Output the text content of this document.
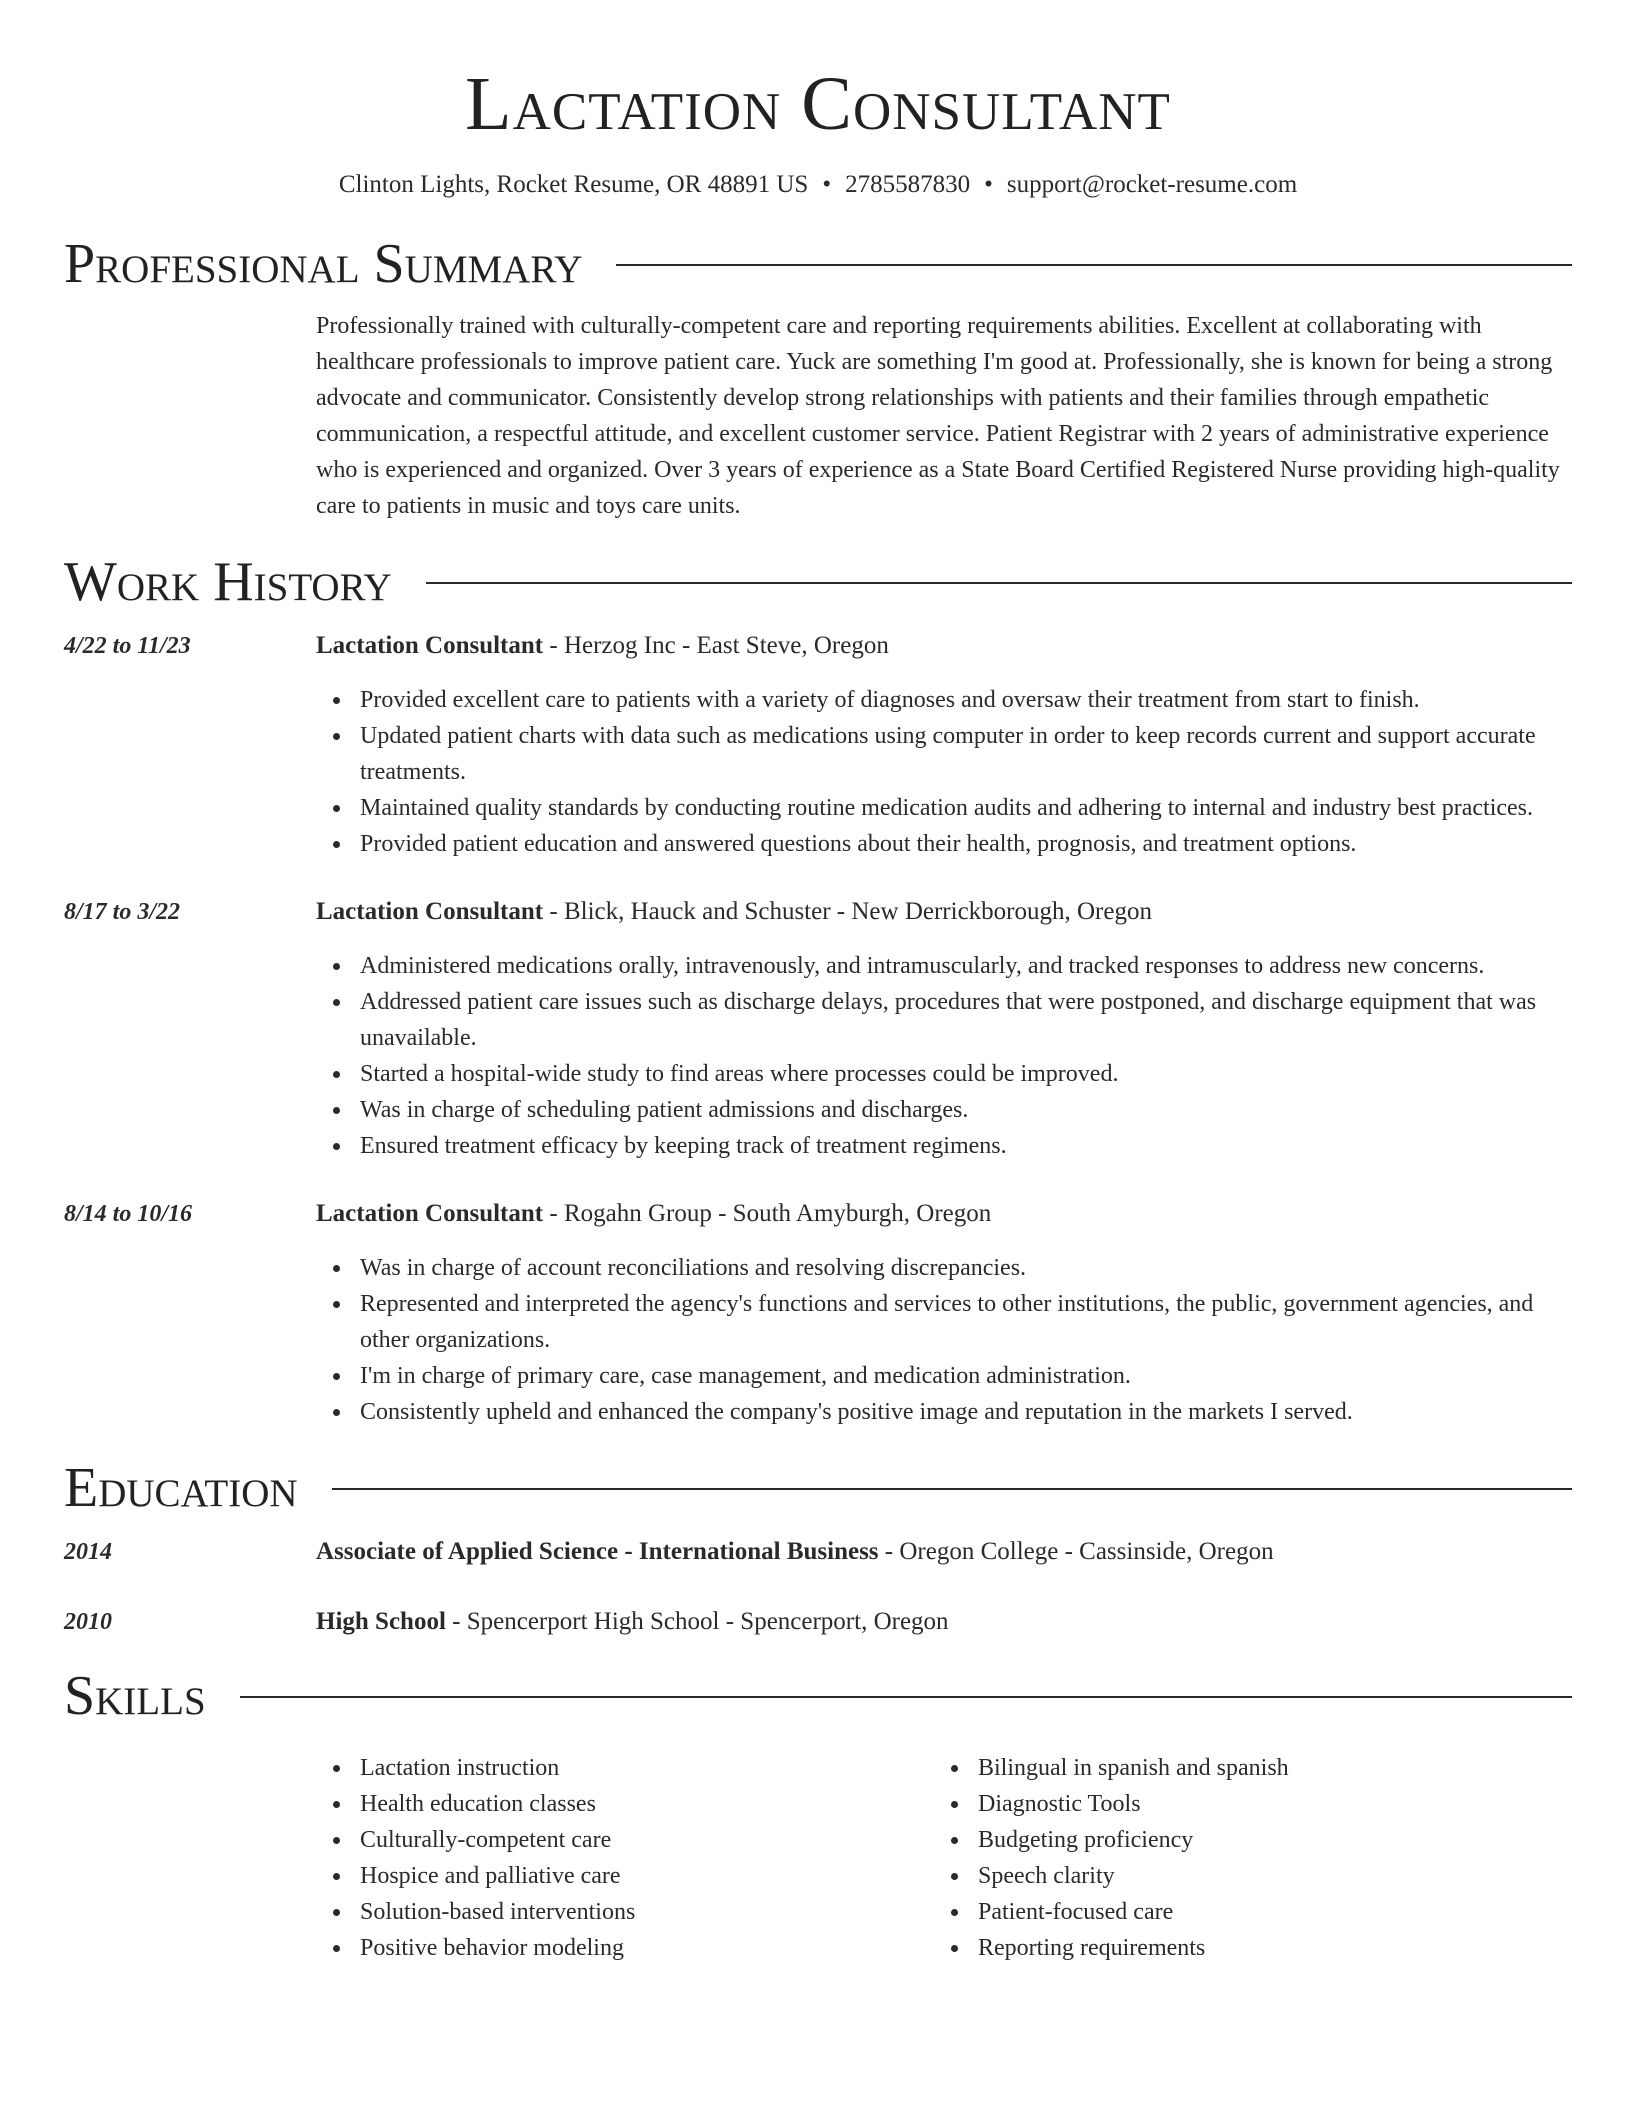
Lactation Consultant
Clinton Lights, Rocket Resume, OR 48891 US • 2785587830 • support@rocket-resume.com
Professional Summary
Professionally trained with culturally-competent care and reporting requirements abilities. Excellent at collaborating with healthcare professionals to improve patient care. Yuck are something I'm good at. Professionally, she is known for being a strong advocate and communicator. Consistently develop strong relationships with patients and their families through empathetic communication, a respectful attitude, and excellent customer service. Patient Registrar with 2 years of administrative experience who is experienced and organized. Over 3 years of experience as a State Board Certified Registered Nurse providing high-quality care to patients in music and toys care units.
Work History
4/22 to 11/23	Lactation Consultant - Herzog Inc - East Steve, Oregon
Provided excellent care to patients with a variety of diagnoses and oversaw their treatment from start to finish.
Updated patient charts with data such as medications using computer in order to keep records current and support accurate treatments.
Maintained quality standards by conducting routine medication audits and adhering to internal and industry best practices.
Provided patient education and answered questions about their health, prognosis, and treatment options.
8/17 to 3/22	Lactation Consultant - Blick, Hauck and Schuster - New Derrickborough, Oregon
Administered medications orally, intravenously, and intramuscularly, and tracked responses to address new concerns.
Addressed patient care issues such as discharge delays, procedures that were postponed, and discharge equipment that was unavailable.
Started a hospital-wide study to find areas where processes could be improved.
Was in charge of scheduling patient admissions and discharges.
Ensured treatment efficacy by keeping track of treatment regimens.
8/14 to 10/16	Lactation Consultant - Rogahn Group - South Amyburgh, Oregon
Was in charge of account reconciliations and resolving discrepancies.
Represented and interpreted the agency's functions and services to other institutions, the public, government agencies, and other organizations.
I'm in charge of primary care, case management, and medication administration.
Consistently upheld and enhanced the company's positive image and reputation in the markets I served.
Education
2014	Associate of Applied Science - International Business - Oregon College - Cassinside, Oregon
2010	High School - Spencerport High School - Spencerport, Oregon
Skills
Lactation instruction
Health education classes
Culturally-competent care
Hospice and palliative care
Solution-based interventions
Positive behavior modeling
Bilingual in spanish and spanish
Diagnostic Tools
Budgeting proficiency
Speech clarity
Patient-focused care
Reporting requirements
